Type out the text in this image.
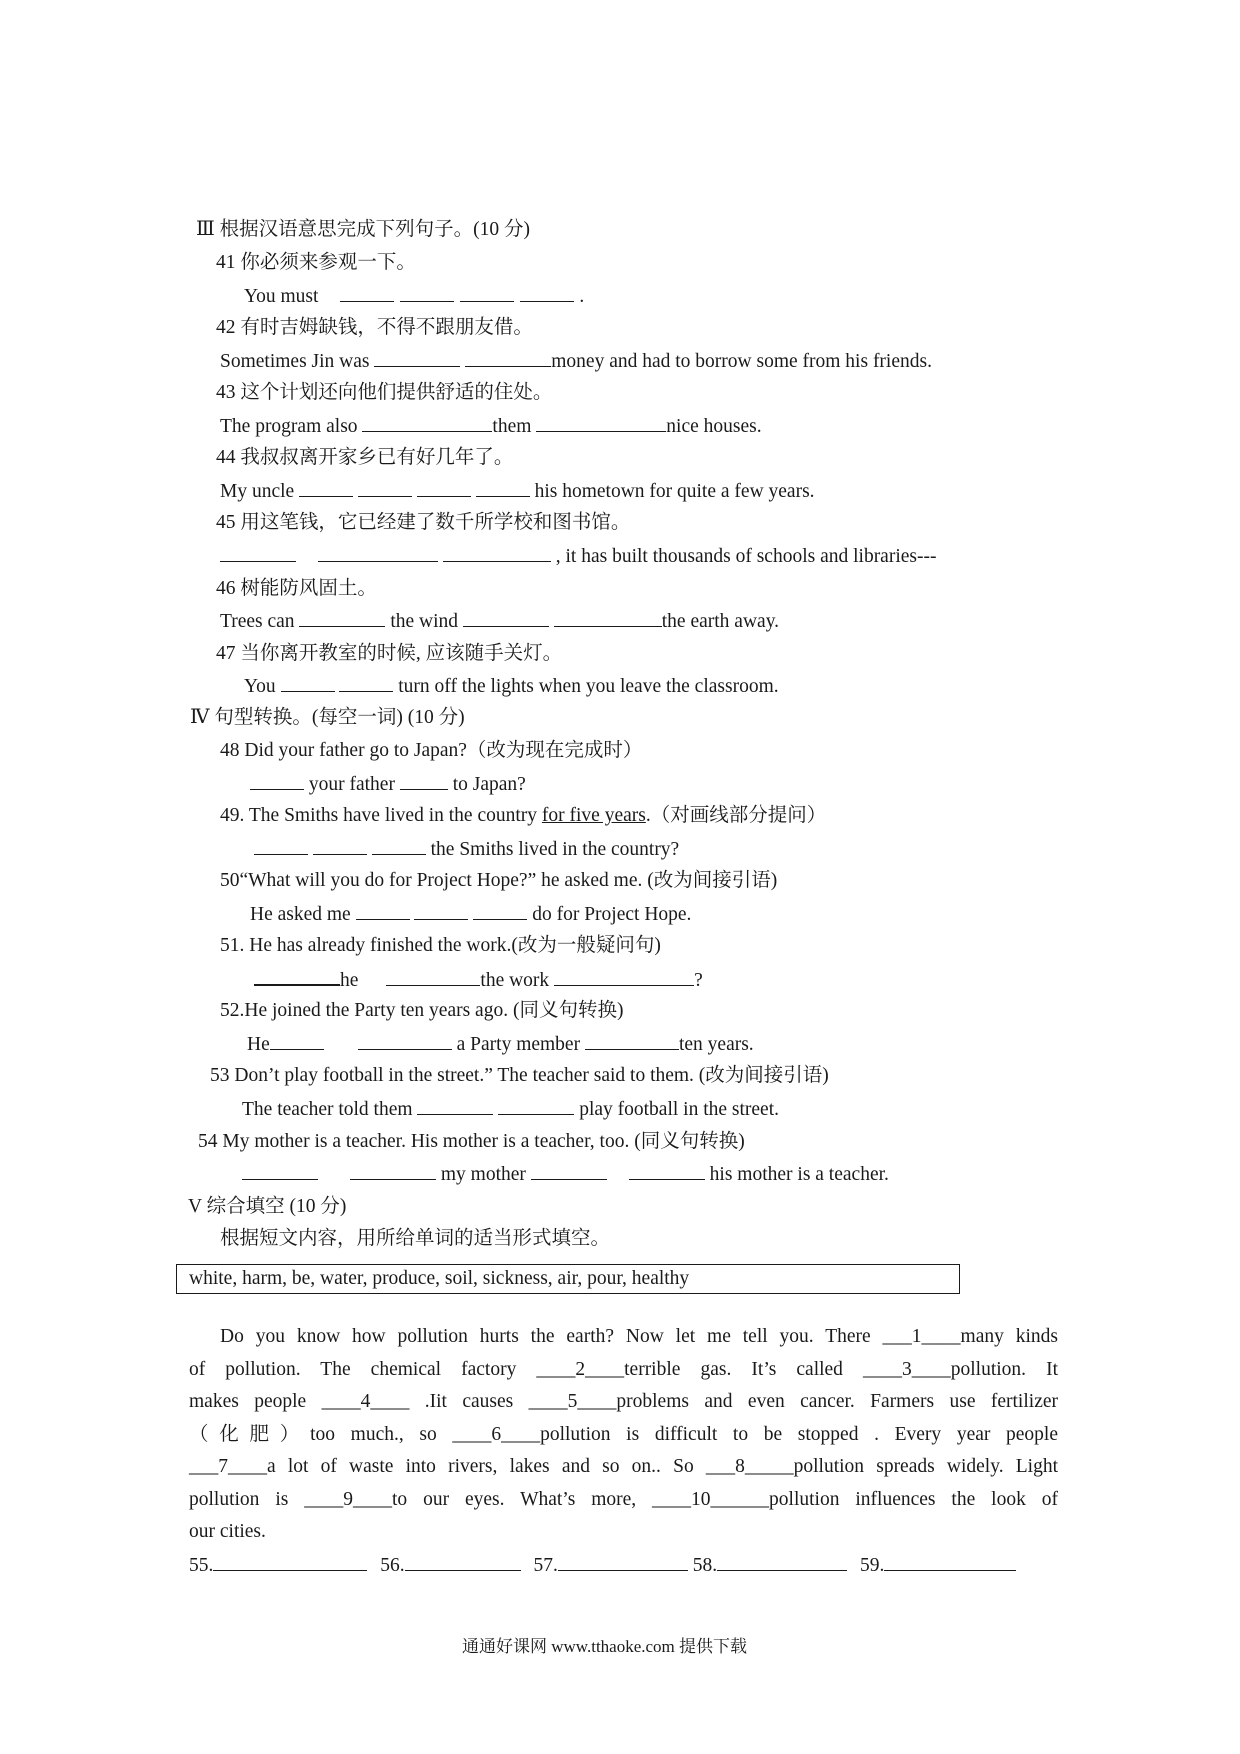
Ⅲ 根据汉语意思完成下列句子。(10 分)
41 你必须来参观一下。
You must	.
42 有时吉姆缺钱，不得不跟朋友借。
Sometimes Jin was	money and had to borrow some from his friends.
43 这个计划还向他们提供舒适的住处。
The program also	them	nice houses.
44 我叔叔离开家乡已有好几年了。
My uncle	his hometown for quite a few years.
45 用这笔钱，它已经建了数千所学校和图书馆。
, it has built thousands of schools and libraries---
46 树能防风固土。
Trees can	the wind	the earth away.
47 当你离开教室的时候, 应该随手关灯。
You	turn off the lights when you leave the classroom.
Ⅳ 句型转换。(每空一词) (10 分)
48 Did your father go to Japan?（改为现在完成时）
your father	to Japan?
49. The Smiths have lived in the country for five years.（对画线部分提问）
the Smiths lived in the country?
50“What will you do for Project Hope?” he asked me. (改为间接引语)
He asked me	do for Project Hope.
51. He has already finished the work.(改为一般疑问句)
he	the work	?
52.He joined the Party ten years ago. (同义句转换)
He	a Party member	ten years.
53 Don’t play football in the street.” The teacher said to them. (改为间接引语)
The teacher told them	play football in the street.
54 My mother is a teacher. His mother is a teacher, too. (同义句转换)
my mother	his mother is a teacher.
V 综合填空 (10 分)
根据短文内容，用所给单词的适当形式填空。
white, harm, be, water, produce, soil, sickness, air, pour, healthy
Do you know how pollution hurts the earth? Now let me tell you. There ___1____many kinds
of pollution. The chemical factory ____2____terrible gas. It’s called ____3____pollution. It
makes people ____4____ .Iit causes ____5____problems and even cancer. Farmers use fertilizer
（化肥）too much., so ____6____pollution is difficult to be stopped . Every year people
___7____a lot of waste into rivers, lakes and so on.. So ___8_____pollution spreads widely. Light
pollution is ____9____to our eyes. What’s more, ____10______pollution influences the look of
our cities.
55.	56.	57.	58.	59.
通通好课网 www.tthaoke.com 提供下载
